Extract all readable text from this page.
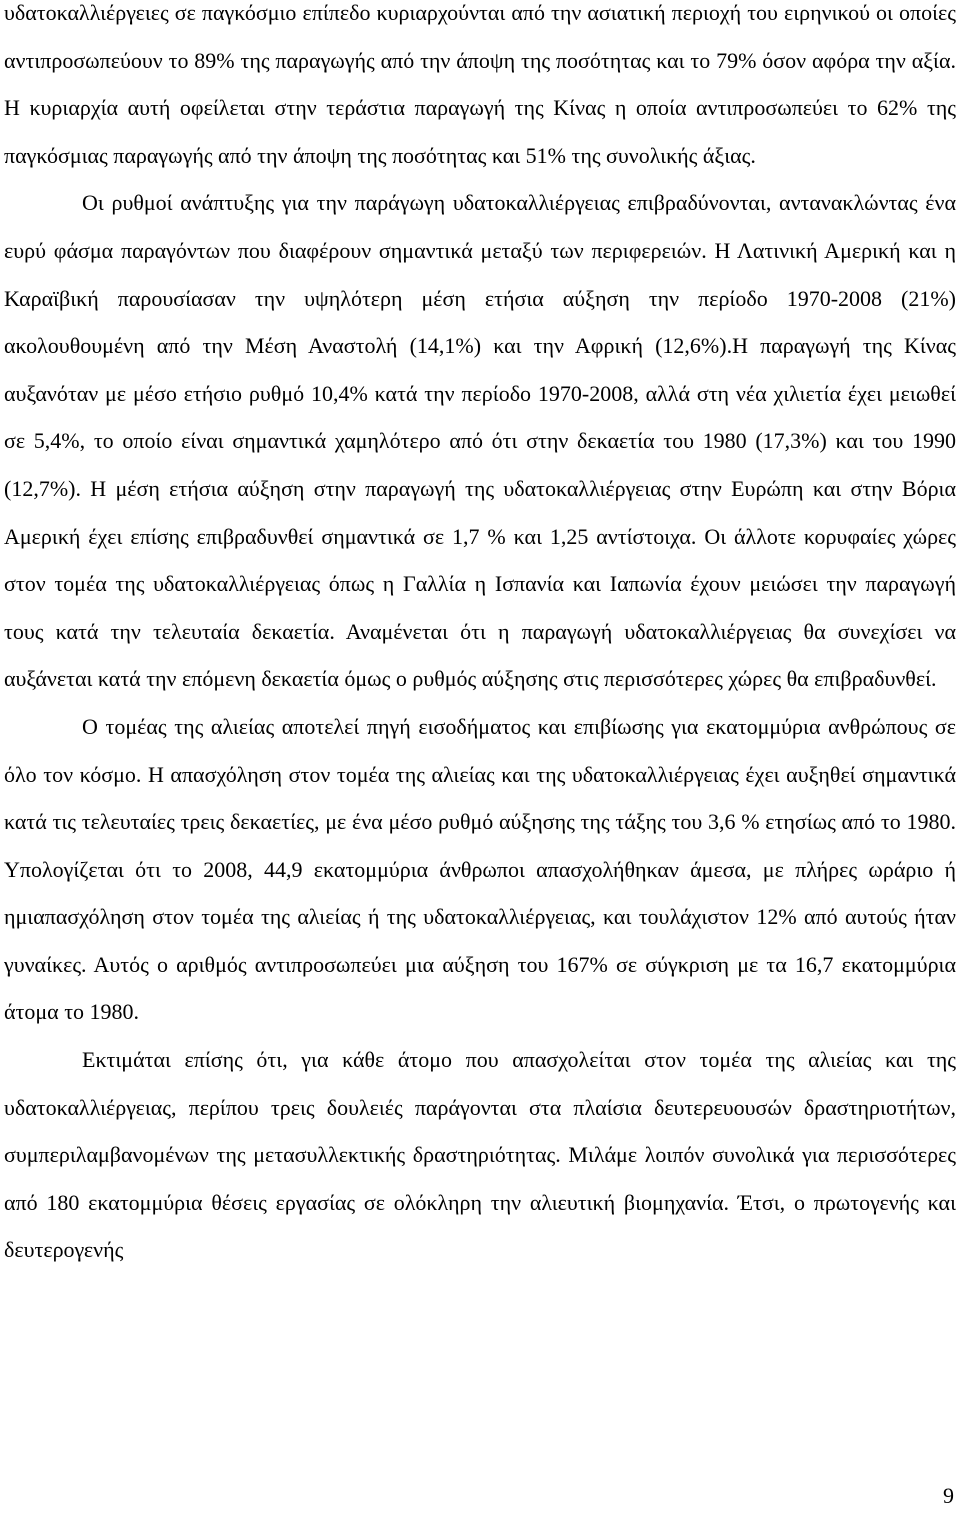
υδατοκαλλιέργειες σε παγκόσμιο επίπεδο κυριαρχούνται από την ασιατική περιοχή του ειρηνικού οι οποίες αντιπροσωπεύουν το 89% της παραγωγής από την άποψη της ποσότητας και το 79% όσον αφόρα την αξία. Η κυριαρχία αυτή οφείλεται στην τεράστια παραγωγή της Κίνας η οποία αντιπροσωπεύει το 62% της παγκόσμιας παραγωγής από την άποψη της ποσότητας και 51% της συνολικής άξιας.

Οι ρυθμοί ανάπτυξης για την παράγωγη υδατοκαλλιέργειας επιβραδύνονται, αντανακλώντας ένα ευρύ φάσμα παραγόντων που διαφέρουν σημαντικά μεταξύ των περιφερειών. Η Λατινική Αμερική και η Καραϊβική παρουσίασαν την υψηλότερη μέση ετήσια αύξηση την περίοδο 1970-2008 (21%) ακολουθουμένη από την Μέση Αναστολή (14,1%) και την Αφρική (12,6%).Η παραγωγή της Κίνας αυξανόταν με μέσο ετήσιο ρυθμό 10,4% κατά την περίοδο 1970-2008, αλλά στη νέα χιλιετία έχει μειωθεί σε 5,4%, το οποίο είναι σημαντικά χαμηλότερο από ότι στην δεκαετία του 1980 (17,3%) και του 1990 (12,7%). Η μέση ετήσια αύξηση στην παραγωγή της υδατοκαλλιέργειας στην Ευρώπη και στην Βόρια Αμερική έχει επίσης επιβραδυνθεί σημαντικά σε 1,7 % και 1,25 αντίστοιχα. Οι άλλοτε κορυφαίες χώρες στον τομέα της υδατοκαλλιέργειας όπως η Γαλλία η Ισπανία και Ιαπωνία έχουν μειώσει την παραγωγή τους κατά την τελευταία δεκαετία. Αναμένεται ότι η παραγωγή υδατοκαλλιέργειας θα συνεχίσει να αυξάνεται κατά την επόμενη δεκαετία όμως ο ρυθμός αύξησης στις περισσότερες χώρες θα επιβραδυνθεί.

Ο τομέας της αλιείας αποτελεί πηγή εισοδήματος και επιβίωσης για εκατομμύρια ανθρώπους σε όλο τον κόσμο. Η απασχόληση στον τομέα της αλιείας και της υδατοκαλλιέργειας έχει αυξηθεί σημαντικά κατά τις τελευταίες τρεις δεκαετίες, με ένα μέσο ρυθμό αύξησης της τάξης του 3,6 % ετησίως από το 1980. Υπολογίζεται ότι το 2008, 44,9 εκατομμύρια άνθρωποι απασχολήθηκαν άμεσα, με πλήρες ωράριο ή ημιαπασχόληση στον τομέα της αλιείας ή της υδατοκαλλιέργειας, και τουλάχιστον 12% από αυτούς ήταν γυναίκες. Αυτός ο αριθμός αντιπροσωπεύει μια αύξηση του 167% σε σύγκριση με τα 16,7 εκατομμύρια άτομα το 1980.

Εκτιμάται επίσης ότι, για κάθε άτομο που απασχολείται στον τομέα της αλιείας και της υδατοκαλλιέργειας, περίπου τρεις δουλειές παράγονται στα πλαίσια δευτερευουσών δραστηριοτήτων, συμπεριλαμβανομένων της μετασυλλεκτικής δραστηριότητας. Μιλάμε λοιπόν συνολικά για περισσότερες από 180 εκατομμύρια θέσεις εργασίας σε ολόκληρη την αλιευτική βιομηχανία. Έτσι, ο πρωτογενής και δευτερογενής

9
